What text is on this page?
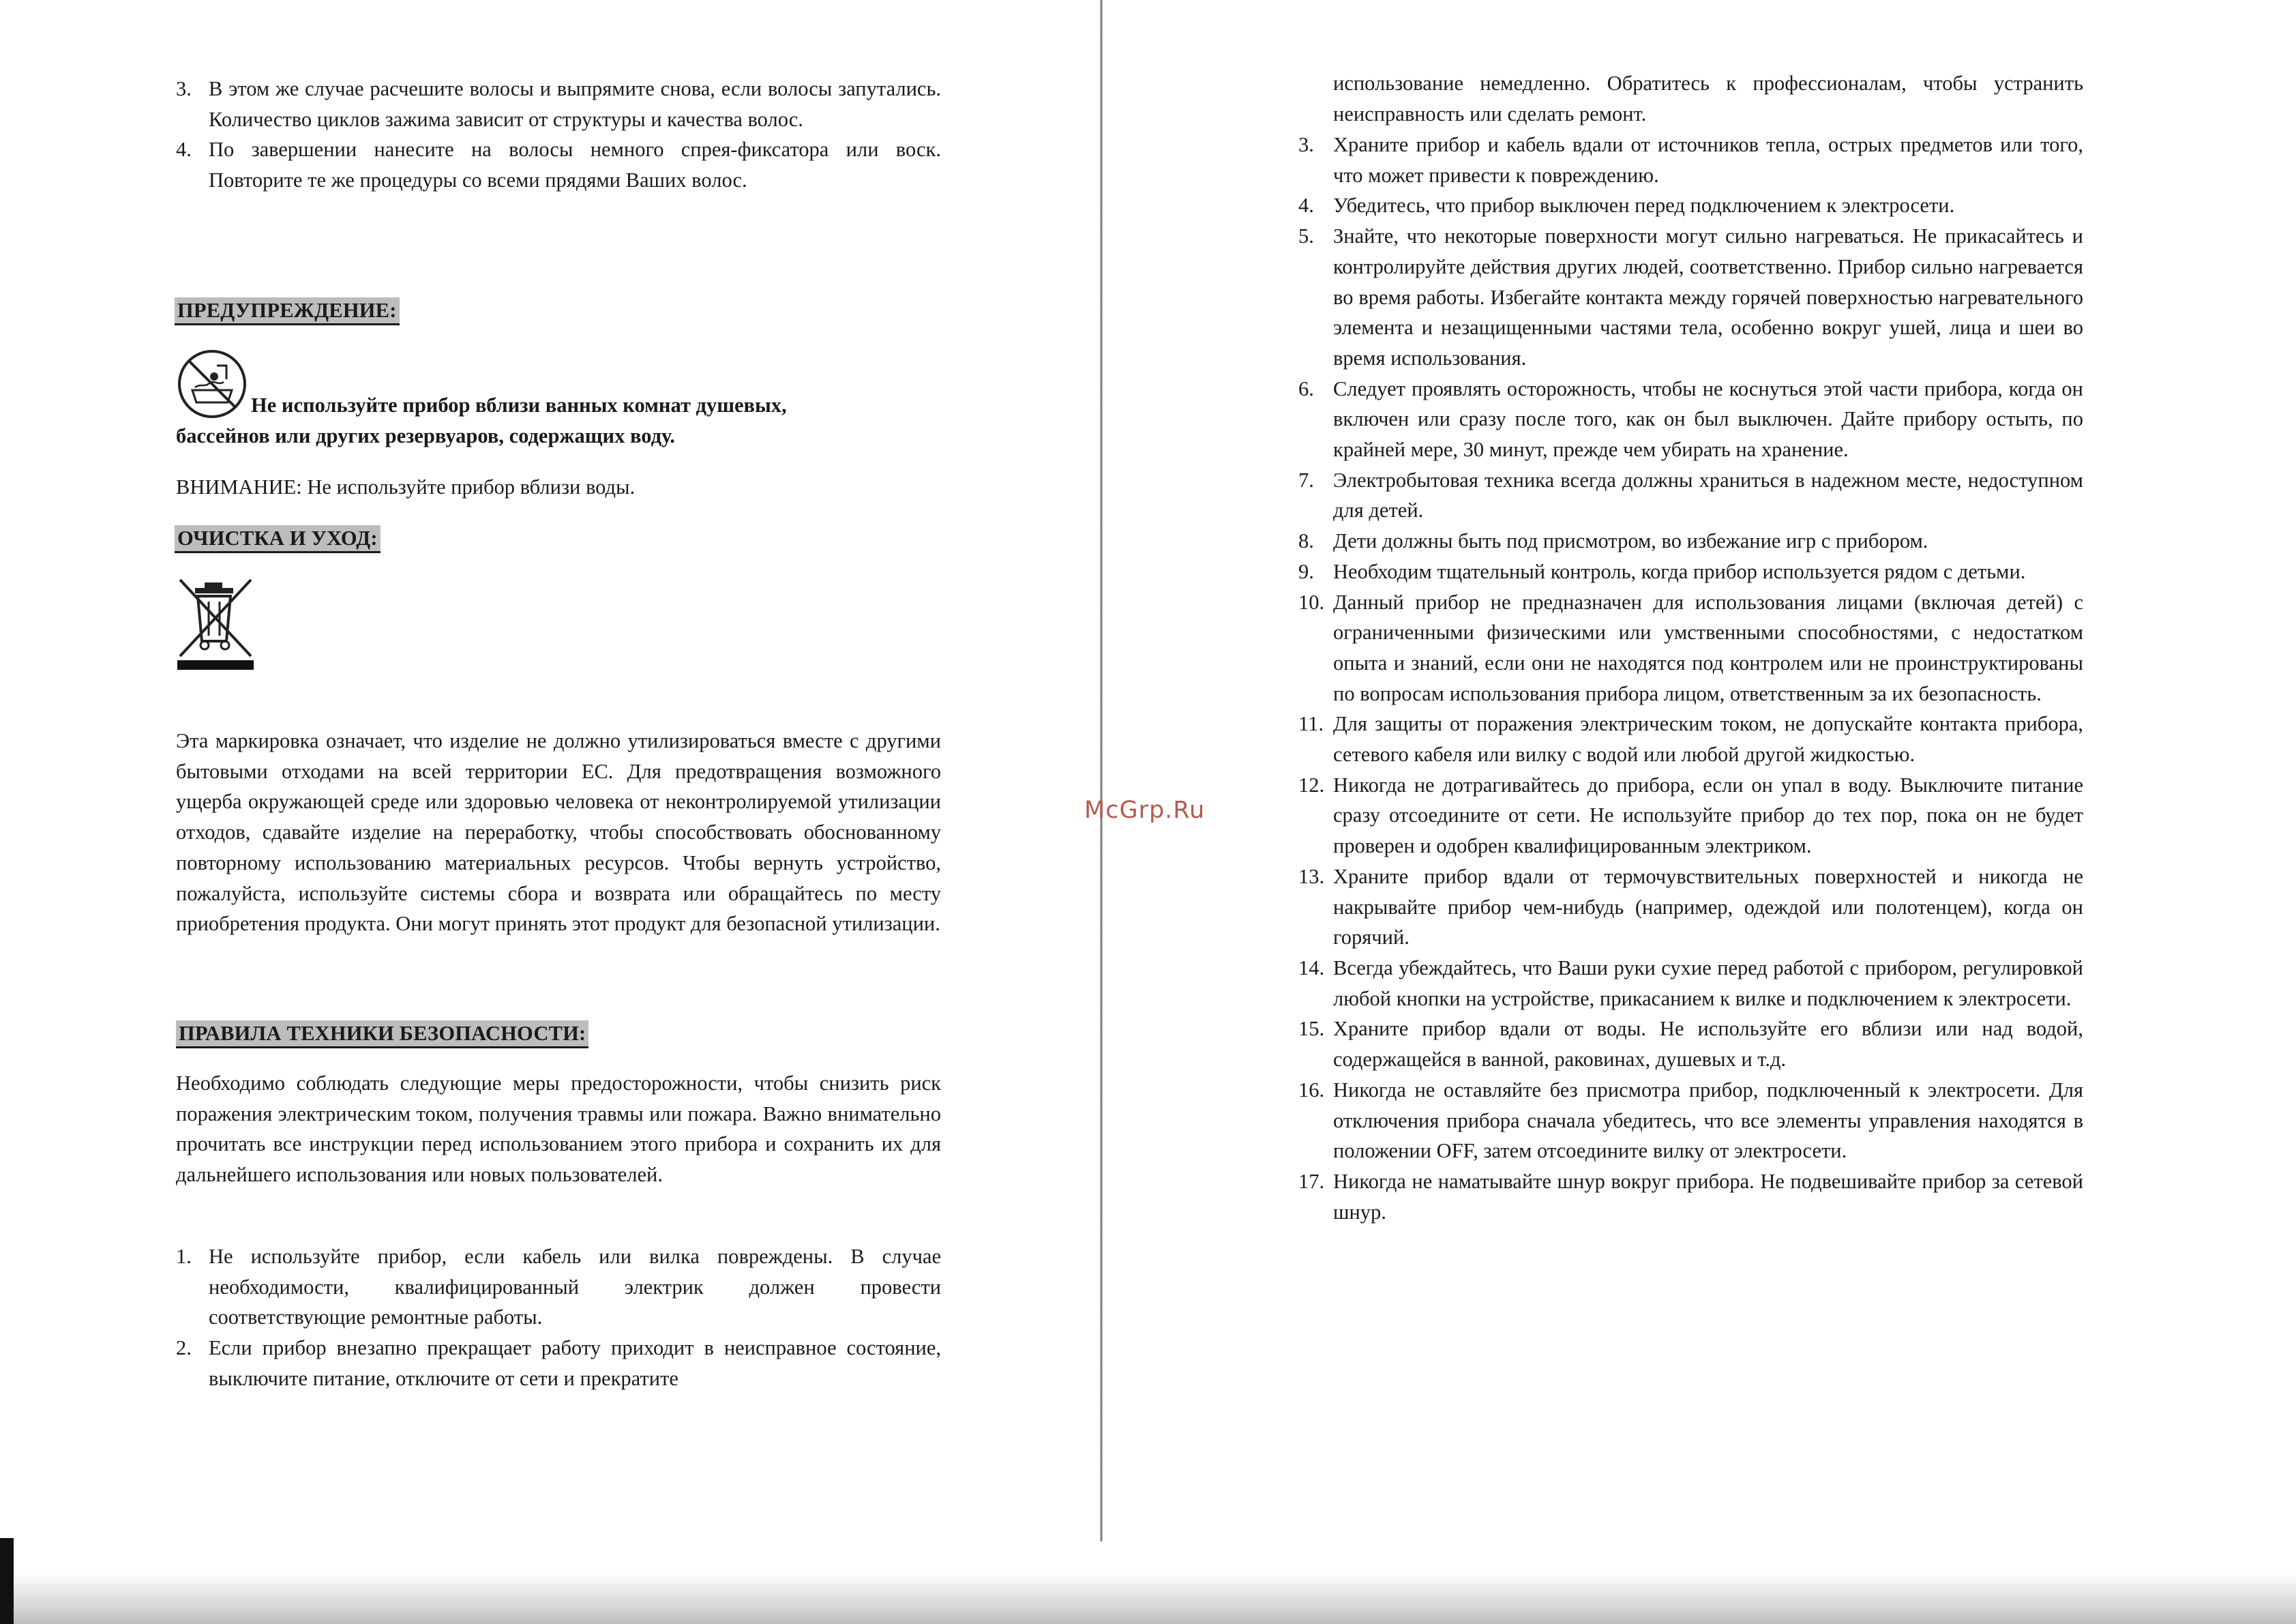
3. В этом же случае расчешите волосы и выпрямите снова, если волосы запутались. Количество циклов зажима зависит от структуры и качества волос.
4. По завершении нанесите на волосы немного спрея-фиксатора или воск. Повторите те же процедуры со всеми прядями Ваших волос.
ПРЕДУПРЕЖДЕНИЕ:
Не используйте прибор вблизи ванных комнат душевых,
бассейнов или других резервуаров, содержащих воду.
ВНИМАНИЕ: Не используйте прибор вблизи воды.
ОЧИСТКА И УХОД:

Эта маркировка означает, что изделие не должно утилизироваться вместе с другими бытовыми отходами на всей территории ЕС. Для предотвращения возможного ущерба окружающей среде или здоровью человека от неконтролируемой утилизации отходов, сдавайте изделие на переработку, чтобы способствовать обоснованному повторному использованию материальных ресурсов. Чтобы вернуть устройство, пожалуйста, используйте системы сбора и возврата или обращайтесь по месту приобретения продукта. Они могут принять этот продукт для безопасной утилизации.

ПРАВИЛА ТЕХНИКИ БЕЗОПАСНОСТИ:

Необходимо соблюдать следующие меры предосторожности, чтобы снизить риск поражения электрическим током, получения травмы или пожара. Важно внимательно прочитать все инструкции перед использованием этого прибора и сохранить их для дальнейшего использования или новых пользователей.

1. Не используйте прибор, если кабель или вилка повреждены. В случае необходимости, квалифицированный электрик должен провести соответствующие ремонтные работы.
2. Если прибор внезапно прекращает работу приходит в неисправное состояние, выключите питание, отключите от сети и прекратите

использование немедленно. Обратитесь к профессионалам, чтобы устранить неисправность или сделать ремонт.

3. Храните прибор и кабель вдали от источников тепла, острых предметов или того, что может привести к повреждению.
4. Убедитесь, что прибор выключен перед подключением к электросети.
5. Знайте, что некоторые поверхности могут сильно нагреваться. Не прикасайтесь и контролируйте действия других людей, соответственно. Прибор сильно нагревается во время работы. Избегайте контакта между горячей поверхностью нагревательного элемента и незащищенными частями тела, особенно вокруг ушей, лица и шеи во время использования.
6. Следует проявлять осторожность, чтобы не коснуться этой части прибора, когда он включен или сразу после того, как он был выключен. Дайте прибору остыть, по крайней мере, 30 минут, прежде чем убирать на хранение.
7. Электробытовая техника всегда должны храниться в надежном месте, недоступном для детей.
8. Дети должны быть под присмотром, во избежание игр с прибором.
9. Необходим тщательный контроль, когда прибор используется рядом с детьми.
10. Данный прибор не предназначен для использования лицами (включая детей) с ограниченными физическими или умственными способностями, с недостатком опыта и знаний, если они не находятся под контролем или не проинструктированы по вопросам использования прибора лицом, ответственным за их безопасность.
11. Для защиты от поражения электрическим током, не допускайте контакта прибора, сетевого кабеля или вилку с водой или любой другой жидкостью.
12. Никогда не дотрагивайтесь до прибора, если он упал в воду. Выключите питание сразу отсоедините от сети. Не используйте прибор до тех пор, пока он не будет проверен и одобрен квалифицированным электриком.
13. Храните прибор вдали от термочувствительных поверхностей и никогда не накрывайте прибор чем-нибудь (например, одеждой или полотенцем), когда он горячий.
14. Всегда убеждайтесь, что Ваши руки сухие перед работой с прибором, регулировкой любой кнопки на устройстве, прикасанием к вилке и подключением к электросети.
15. Храните прибор вдали от воды. Не используйте его вблизи или над водой, содержащейся в ванной, раковинах, душевых и т.д.
16. Никогда не оставляйте без присмотра прибор, подключенный к электросети. Для отключения прибора сначала убедитесь, что все элементы управления находятся в положении OFF, затем отсоедините вилку от электросети.
17. Никогда не наматывайте шнур вокруг прибора. Не подвешивайте прибор за сетевой шнур.
McGrp.Ru
